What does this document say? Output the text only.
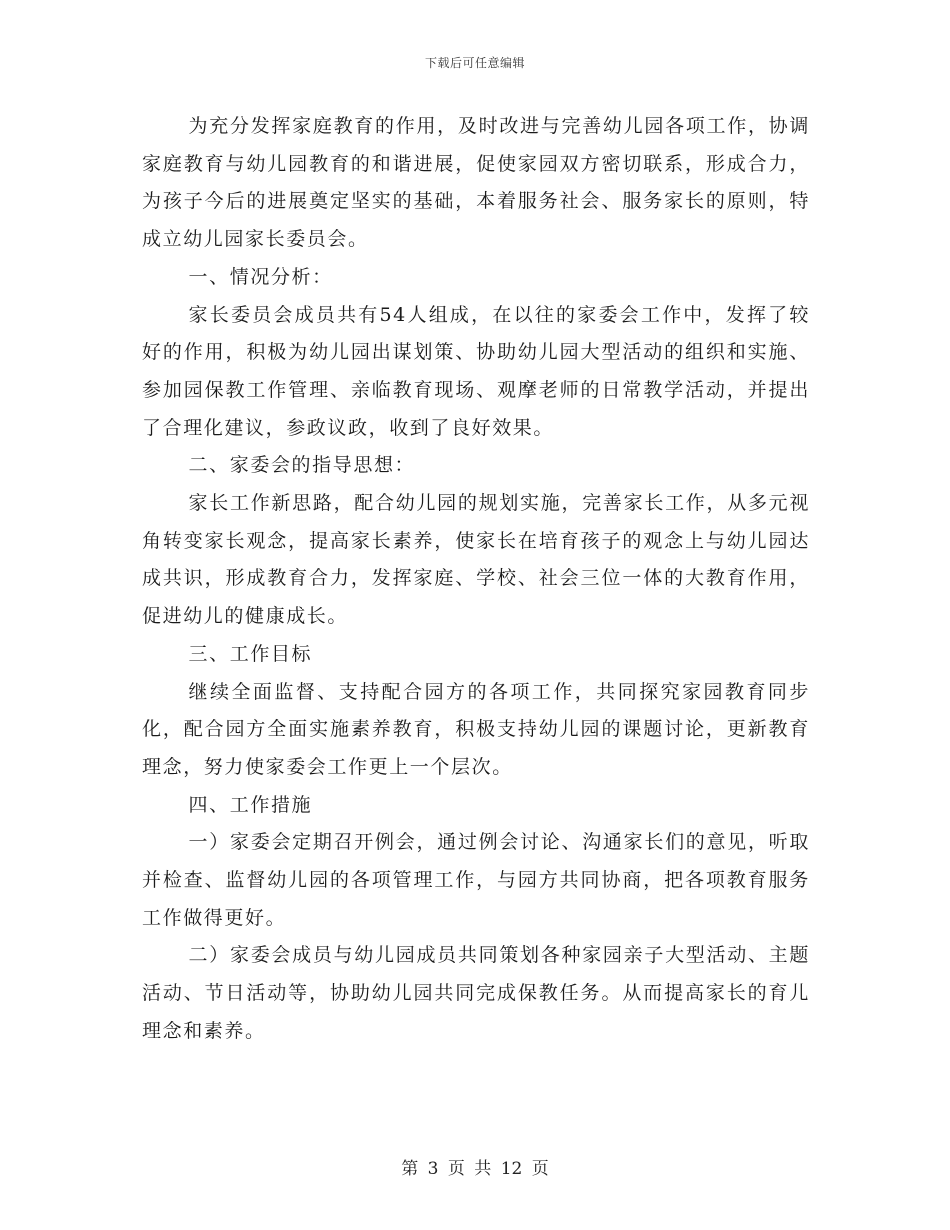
下载后可任意编辑

为充分发挥家庭教育的作用，及时改进与完善幼儿园各项工作，协调家庭教育与幼儿园教育的和谐进展，促使家园双方密切联系，形成合力，为孩子今后的进展奠定坚实的基础，本着服务社会、服务家长的原则，特成立幼儿园家长委员会。

一、情况分析：

家长委员会成员共有54人组成，在以往的家委会工作中，发挥了较好的作用，积极为幼儿园出谋划策、协助幼儿园大型活动的组织和实施、参加园保教工作管理、亲临教育现场、观摩老师的日常教学活动，并提出了合理化建议，参政议政，收到了良好效果。

二、家委会的指导思想：

家长工作新思路，配合幼儿园的规划实施，完善家长工作，从多元视角转变家长观念，提高家长素养，使家长在培育孩子的观念上与幼儿园达成共识，形成教育合力，发挥家庭、学校、社会三位一体的大教育作用，促进幼儿的健康成长。

三、工作目标

继续全面监督、支持配合园方的各项工作，共同探究家园教育同步化，配合园方全面实施素养教育，积极支持幼儿园的课题讨论，更新教育理念，努力使家委会工作更上一个层次。

四、工作措施

一）家委会定期召开例会，通过例会讨论、沟通家长们的意见，听取并检查、监督幼儿园的各项管理工作，与园方共同协商，把各项教育服务工作做得更好。

二）家委会成员与幼儿园成员共同策划各种家园亲子大型活动、主题活动、节日活动等，协助幼儿园共同完成保教任务。从而提高家长的育儿理念和素养。

第 3 页 共 12 页
